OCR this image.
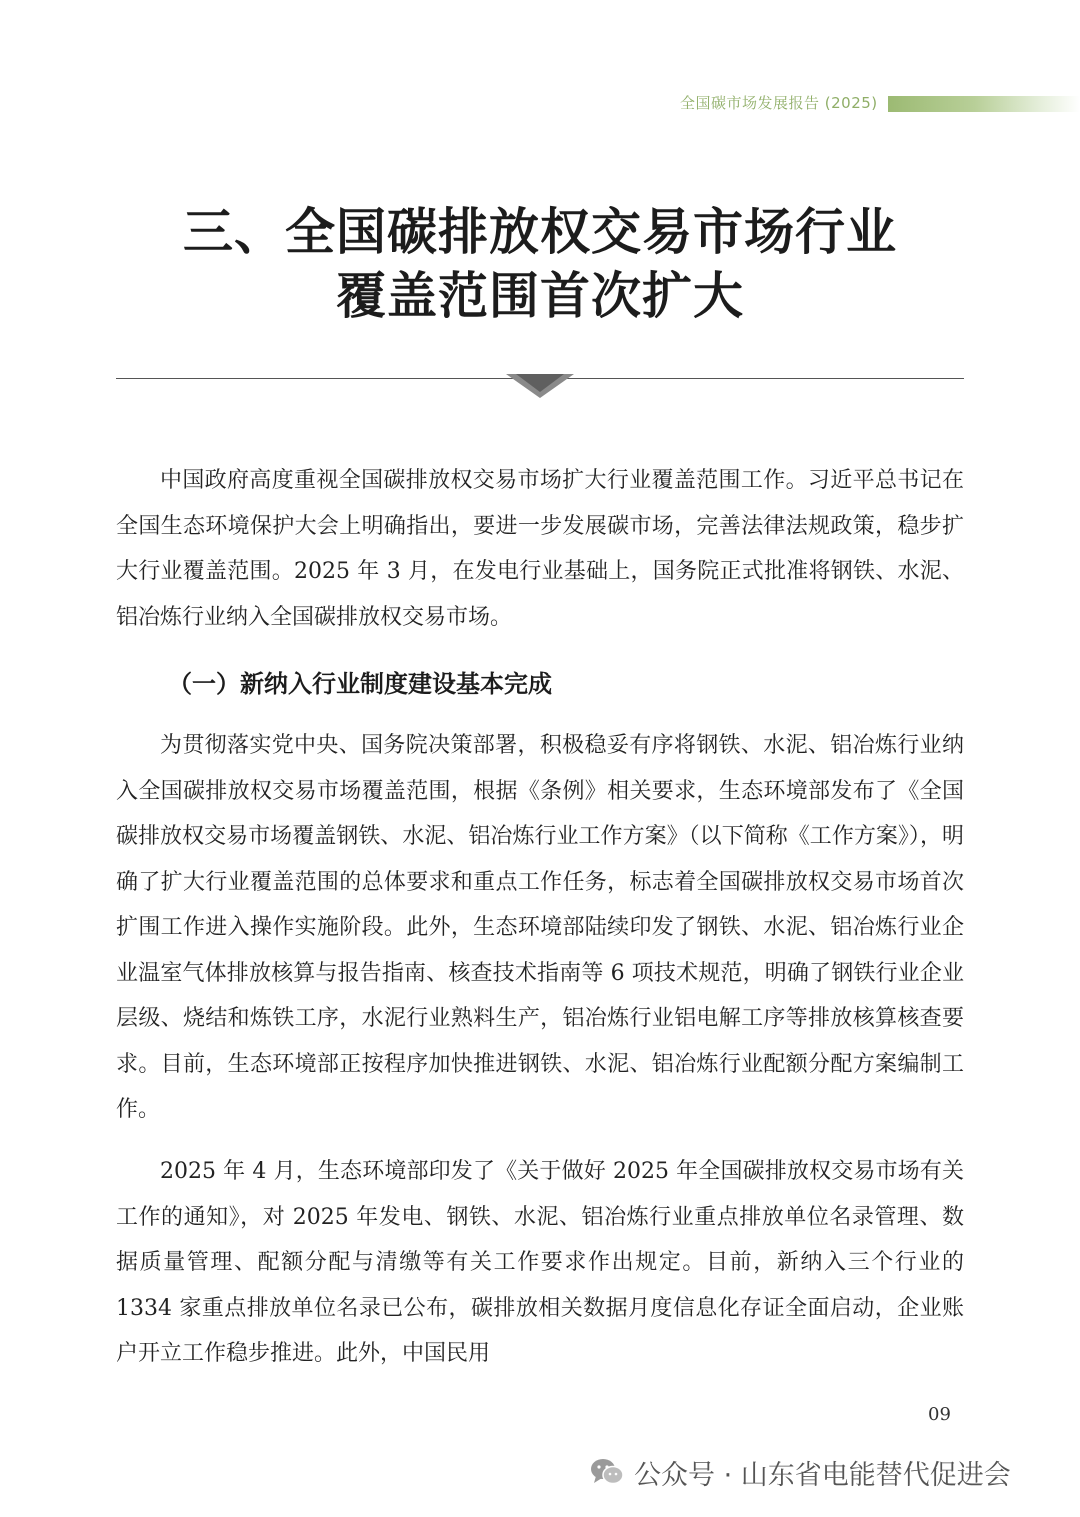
全国碳市场发展报告 (2025)
三、全国碳排放权交易市场行业
覆盖范围首次扩大
中国政府高度重视全国碳排放权交易市场扩大行业覆盖范围工作。习近平总书记在全国生态环境保护大会上明确指出，要进一步发展碳市场，完善法律法规政策，稳步扩大行业覆盖范围。2025 年 3 月，在发电行业基础上，国务院正式批准将钢铁、水泥、铝冶炼行业纳入全国碳排放权交易市场。
（一）新纳入行业制度建设基本完成
为贯彻落实党中央、国务院决策部署，积极稳妥有序将钢铁、水泥、铝冶炼行业纳入全国碳排放权交易市场覆盖范围，根据《条例》相关要求，生态环境部发布了《全国碳排放权交易市场覆盖钢铁、水泥、铝冶炼行业工作方案》（以下简称《工作方案》），明确了扩大行业覆盖范围的总体要求和重点工作任务，标志着全国碳排放权交易市场首次扩围工作进入操作实施阶段。此外，生态环境部陆续印发了钢铁、水泥、铝冶炼行业企业温室气体排放核算与报告指南、核查技术指南等 6 项技术规范，明确了钢铁行业企业层级、烧结和炼铁工序，水泥行业熟料生产，铝冶炼行业铝电解工序等排放核算核查要求。目前，生态环境部正按程序加快推进钢铁、水泥、铝冶炼行业配额分配方案编制工作。
2025 年 4 月，生态环境部印发了《关于做好 2025 年全国碳排放权交易市场有关工作的通知》，对 2025 年发电、钢铁、水泥、铝冶炼行业重点排放单位名录管理、数据质量管理、配额分配与清缴等有关工作要求作出规定。目前，新纳入三个行业的 1334 家重点排放单位名录已公布，碳排放相关数据月度信息化存证全面启动，企业账户开立工作稳步推进。此外，中国民用
09
公众号 · 山东省电能替代促进会
